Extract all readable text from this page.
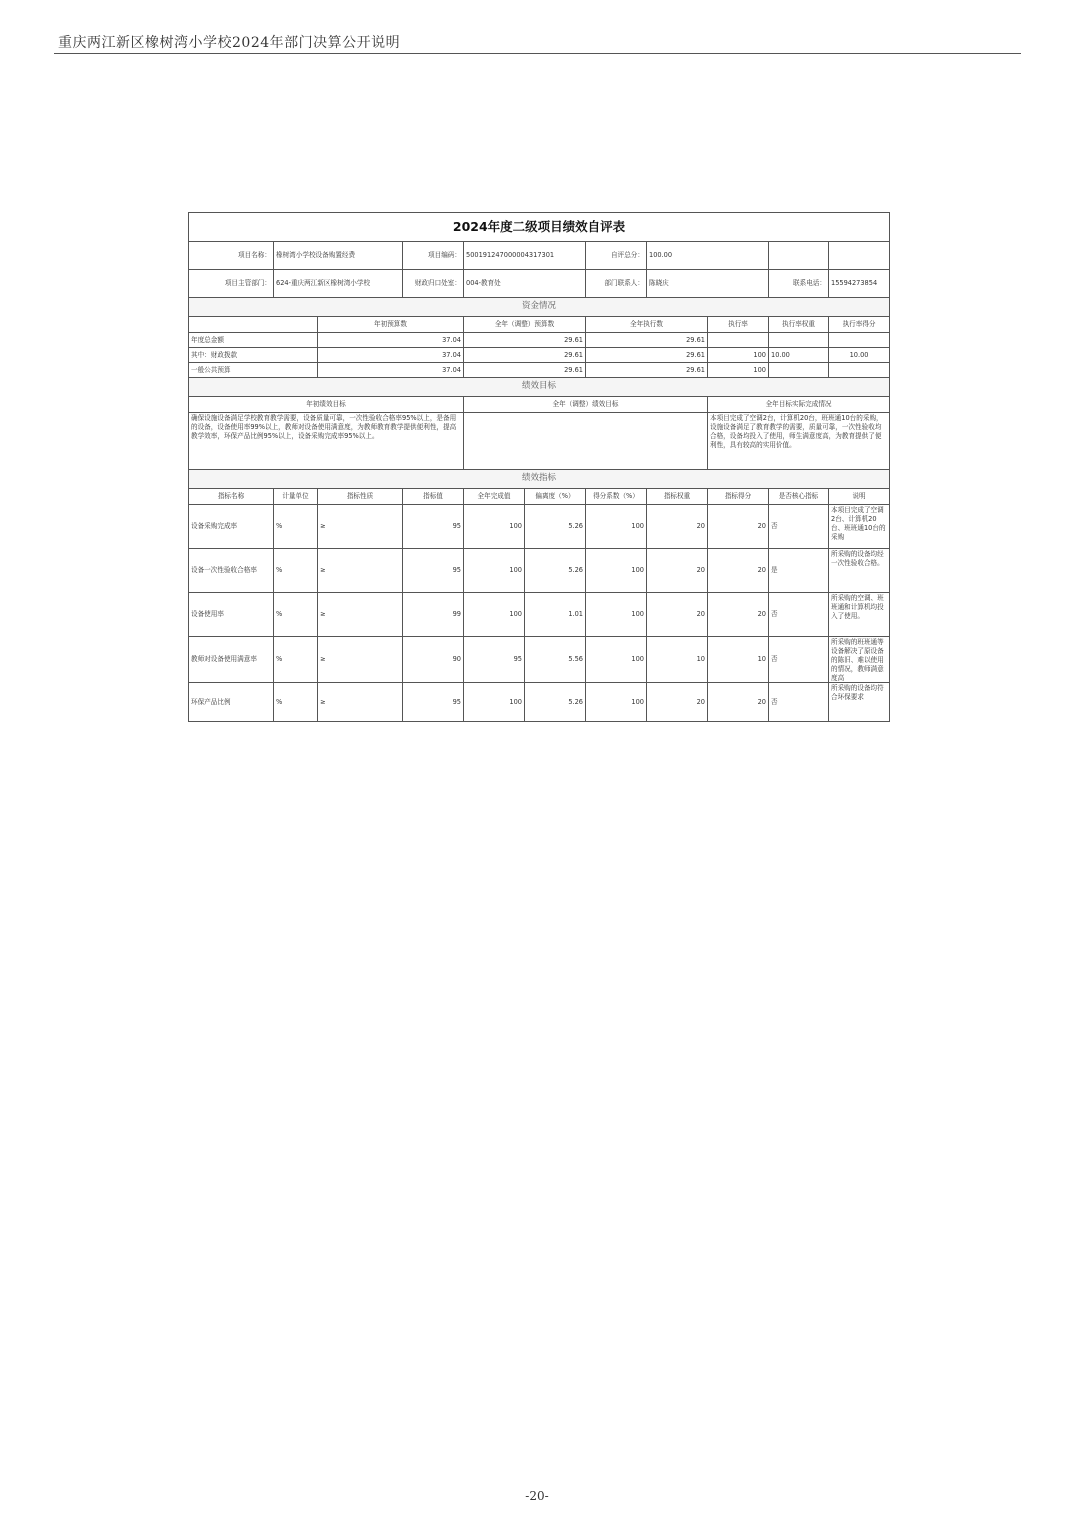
重庆两江新区橡树湾小学校2024年部门决算公开说明
2024年度二级项目绩效自评表										
项目名称：	橡树湾小学校设备购置经费		项目编码：	500191247000004317301		自评总分：	100.00			
项目主管部门：	624-重庆两江新区橡树湾小学校		财政归口处室：	004-教育处		部门联系人：	陈晓庆		联系电话：	15594273854
资金情况										
		年初预算数		全年（调整）预算数		全年执行数		执行率	执行率权重	执行率得分
年度总金额		37.04		29.61		29.61				
其中：财政拨款		37.04		29.61		29.61		100	10.00	10.00
一般公共预算		37.04		29.61		29.61		100		
绩效目标										
年初绩效目标				全年（调整）绩效目标				全年目标实际完成情况		
确保设施设备满足学校教育教学需要，设备质量可靠，一次性验收合格率95%以上，是备用的设备，设备使用率99%以上，教师对设备使用满意度，为教师教育教学提供便利性，提高教学效率，环保产品比例95%以上，设备采购完成率95%以上。								本项目完成了空调2台，计算机20台，班班通10台的采购，设施设备满足了教育教学的需要，质量可靠，一次性验收均合格，设备均投入了使用，师生满意度高，为教育提供了便利性，具有较高的实用价值。		
绩效指标										
指标名称	计量单位	指标性质	指标值	全年完成值	偏离度（%）	得分系数（%）	指标权重	指标得分	是否核心指标	说明
设备采购完成率	%	≥	95	100	5.26	100	20	20	否	本项目完成了空调2台、计算机20台、班班通10台的采购
设备一次性验收合格率	%	≥	95	100	5.26	100	20	20	是	所采购的设备均经一次性验收合格。
设备使用率	%	≥	99	100	1.01	100	20	20	否	所采购的空调、班班通和计算机均投入了使用。
教师对设备使用满意率	%	≥	90	95	5.56	100	10	10	否	所采购的班班通等设备解决了原设备的陈旧、难以使用的情况，教师满意度高
环保产品比例	%	≥	95	100	5.26	100	20	20	否	所采购的设备均符合环保要求
-20-
